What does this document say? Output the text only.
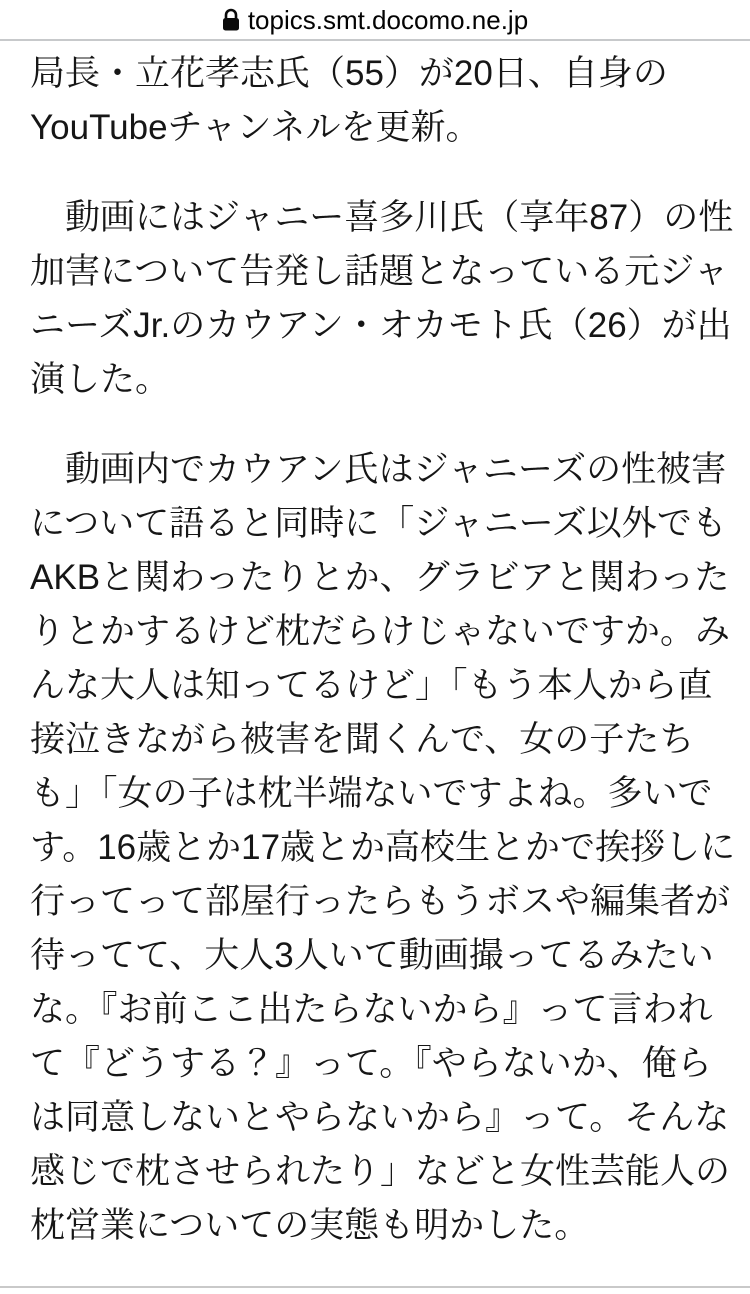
topics.smt.docomo.ne.jp
局長・立花孝志氏（55）が20日、自身の
YouTubeチャンネルを更新。
　動画にはジャニー喜多川氏（享年87）の性
加害について告発し話題となっている元ジャ
ニーズJr.のカウアン・オカモト氏（26）が出
演した。
　動画内でカウアン氏はジャニーズの性被害
について語ると同時に「ジャニーズ以外でも
AKBと関わったりとか、グラビアと関わった
りとかするけど枕だらけじゃないですか。み
んな大人は知ってるけど」「もう本人から直
接泣きながら被害を聞くんで、女の子たち
も」「女の子は枕半端ないですよね。多いで
す。16歳とか17歳とか高校生とかで挨拶しに
行ってって部屋行ったらもうボスや編集者が
待ってて、大人3人いて動画撮ってるみたい
な。『お前ここ出たらないから』って言われ
て『どうする？』って。『やらないか、俺ら
は同意しないとやらないから』って。そんな
感じで枕させられたり」などと女性芸能人の
枕営業についての実態も明かした。
